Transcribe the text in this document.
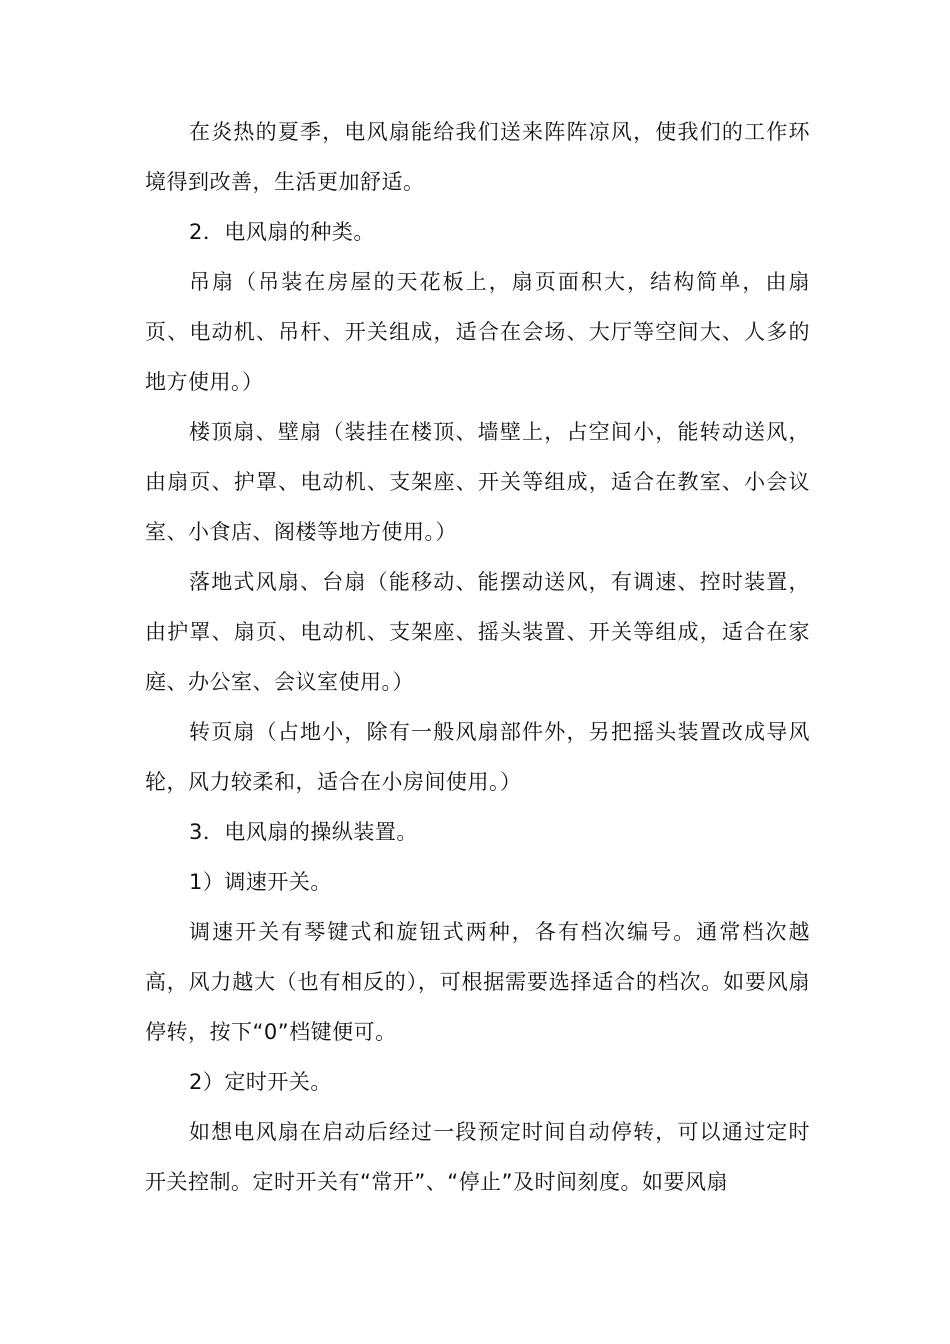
在炎热的夏季，电风扇能给我们送来阵阵凉风，使我们的工作环境得到改善，生活更加舒适。

2．电风扇的种类。

吊扇（吊装在房屋的天花板上，扇页面积大，结构简单，由扇页、电动机、吊杆、开关组成，适合在会场、大厅等空间大、人多的地方使用。）

楼顶扇、壁扇（装挂在楼顶、墙壁上，占空间小，能转动送风，由扇页、护罩、电动机、支架座、开关等组成，适合在教室、小会议室、小食店、阁楼等地方使用。）

落地式风扇、台扇（能移动、能摆动送风，有调速、控时装置，由护罩、扇页、电动机、支架座、摇头装置、开关等组成，适合在家庭、办公室、会议室使用。）

转页扇（占地小，除有一般风扇部件外，另把摇头装置改成导风轮，风力较柔和，适合在小房间使用。）

3．电风扇的操纵装置。

1）调速开关。

调速开关有琴键式和旋钮式两种，各有档次编号。通常档次越高，风力越大（也有相反的），可根据需要选择适合的档次。如要风扇停转，按下“0”档键便可。

2）定时开关。

如想电风扇在启动后经过一段预定时间自动停转，可以通过定时开关控制。定时开关有“常开”、“停止”及时间刻度。如要风扇
